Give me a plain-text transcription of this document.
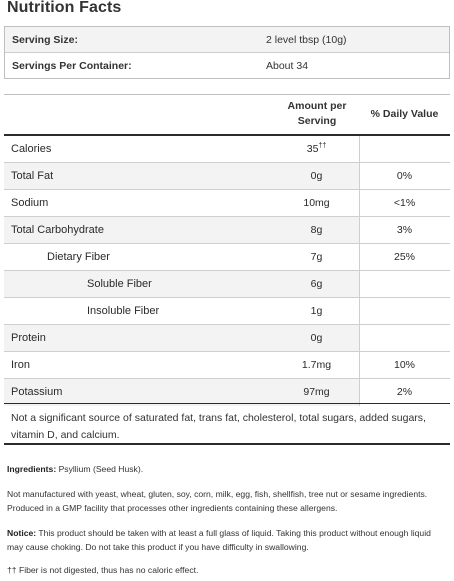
Nutrition Facts
Serving Size:	2 level tbsp (10g)
Servings Per Container:	About 34
Amount per
Serving
% Daily Value
Calories	35††
Total Fat	0g	0%
Sodium	10mg	<1%
Total Carbohydrate	8g	3%
Dietary Fiber	7g	25%
Soluble Fiber	6g
Insoluble Fiber	1g
Protein	0g
Iron	1.7mg	10%
Potassium	97mg	2%
Not a significant source of saturated fat, trans fat, cholesterol, total sugars, added sugars, vitamin D, and calcium.
Ingredients: Psyllium (Seed Husk).
Not manufactured with yeast, wheat, gluten, soy, corn, milk, egg, fish, shellfish, tree nut or sesame ingredients. Produced in a GMP facility that processes other ingredients containing these allergens.
Notice: This product should be taken with at least a full glass of liquid. Taking this product without enough liquid may cause choking. Do not take this product if you have difficulty in swallowing.
†† Fiber is not digested, thus has no caloric effect.
